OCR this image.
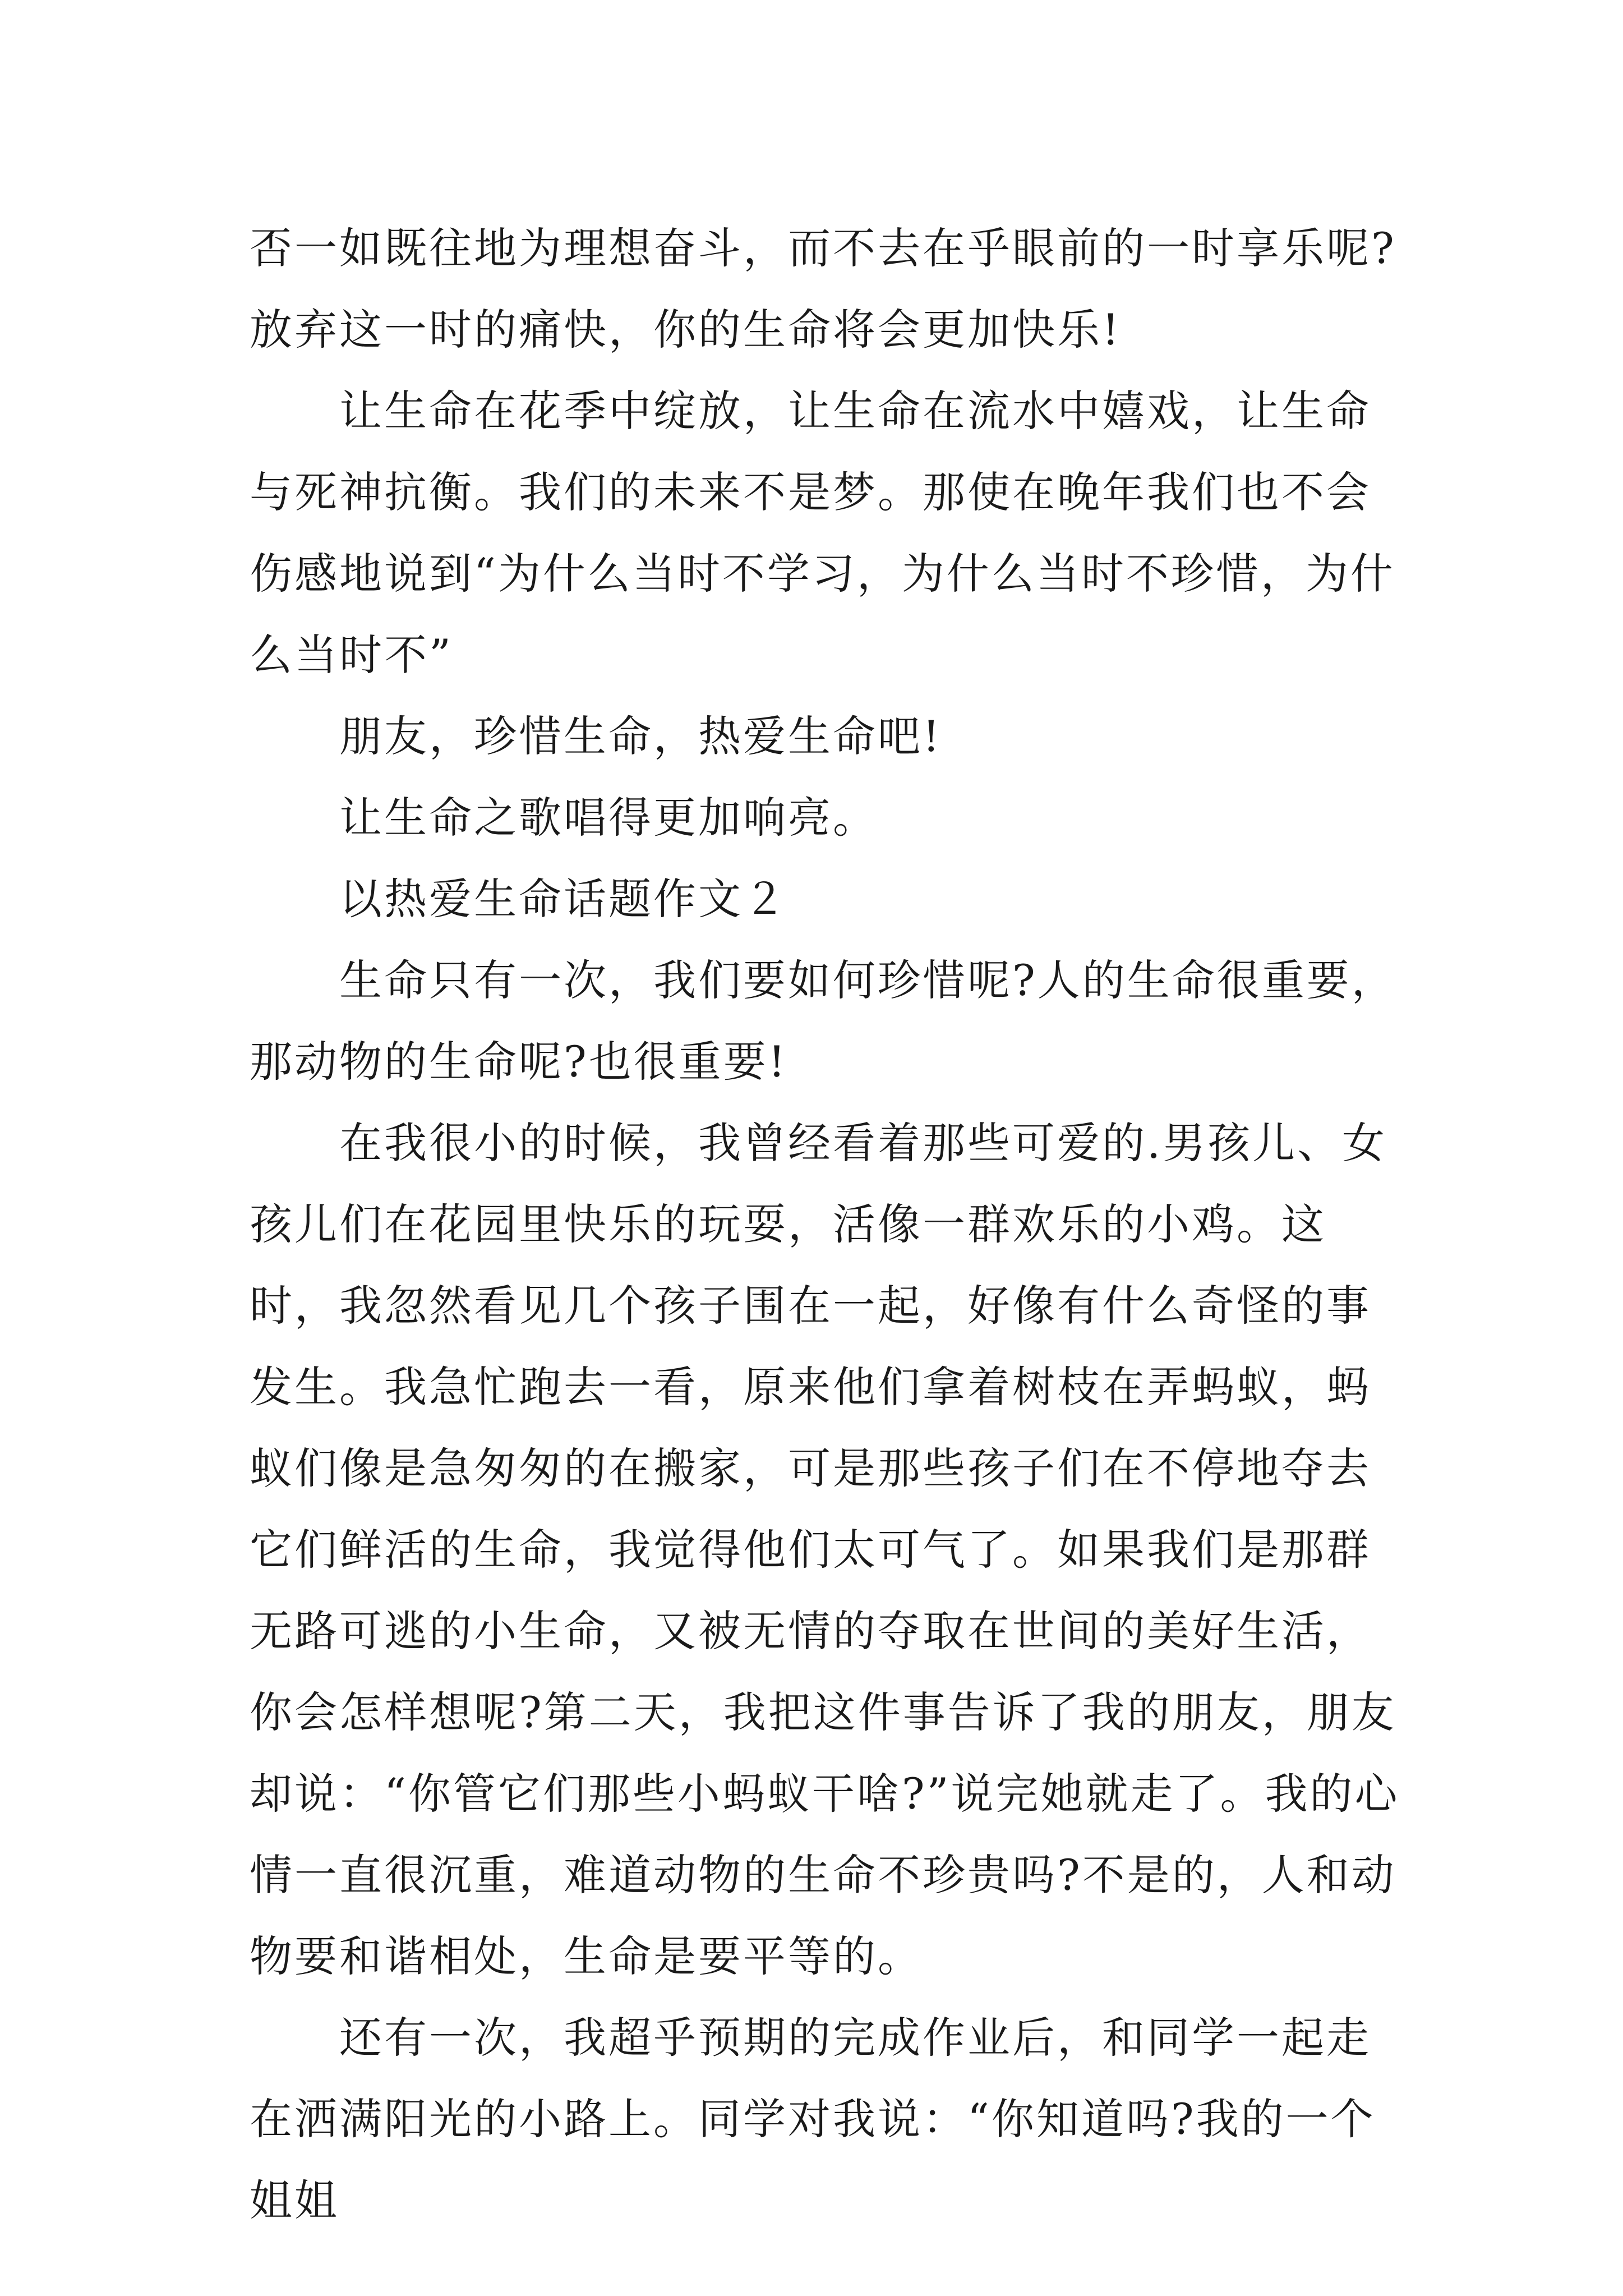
否一如既往地为理想奋斗，而不去在乎眼前的一时享乐呢?放弃这一时的痛快，你的生命将会更加快乐!

让生命在花季中绽放，让生命在流水中嬉戏，让生命与死神抗衡。我们的未来不是梦。那使在晚年我们也不会伤感地说到“为什么当时不学习，为什么当时不珍惜，为什么当时不”

朋友，珍惜生命，热爱生命吧!

让生命之歌唱得更加响亮。

以热爱生命话题作文２

生命只有一次，我们要如何珍惜呢?人的生命很重要，那动物的生命呢?也很重要!

在我很小的时候，我曾经看着那些可爱的.男孩儿、女孩儿们在花园里快乐的玩耍，活像一群欢乐的小鸡。这时，我忽然看见几个孩子围在一起，好像有什么奇怪的事发生。我急忙跑去一看，原来他们拿着树枝在弄蚂蚁，蚂蚁们像是急匆匆的在搬家，可是那些孩子们在不停地夺去它们鲜活的生命，我觉得他们太可气了。如果我们是那群无路可逃的小生命，又被无情的夺取在世间的美好生活，你会怎样想呢?第二天，我把这件事告诉了我的朋友，朋友却说：“你管它们那些小蚂蚁干啥?”说完她就走了。我的心情一直很沉重，难道动物的生命不珍贵吗?不是的，人和动物要和谐相处，生命是要平等的。

还有一次，我超乎预期的完成作业后，和同学一起走在洒满阳光的小路上。同学对我说：“你知道吗?我的一个姐姐
